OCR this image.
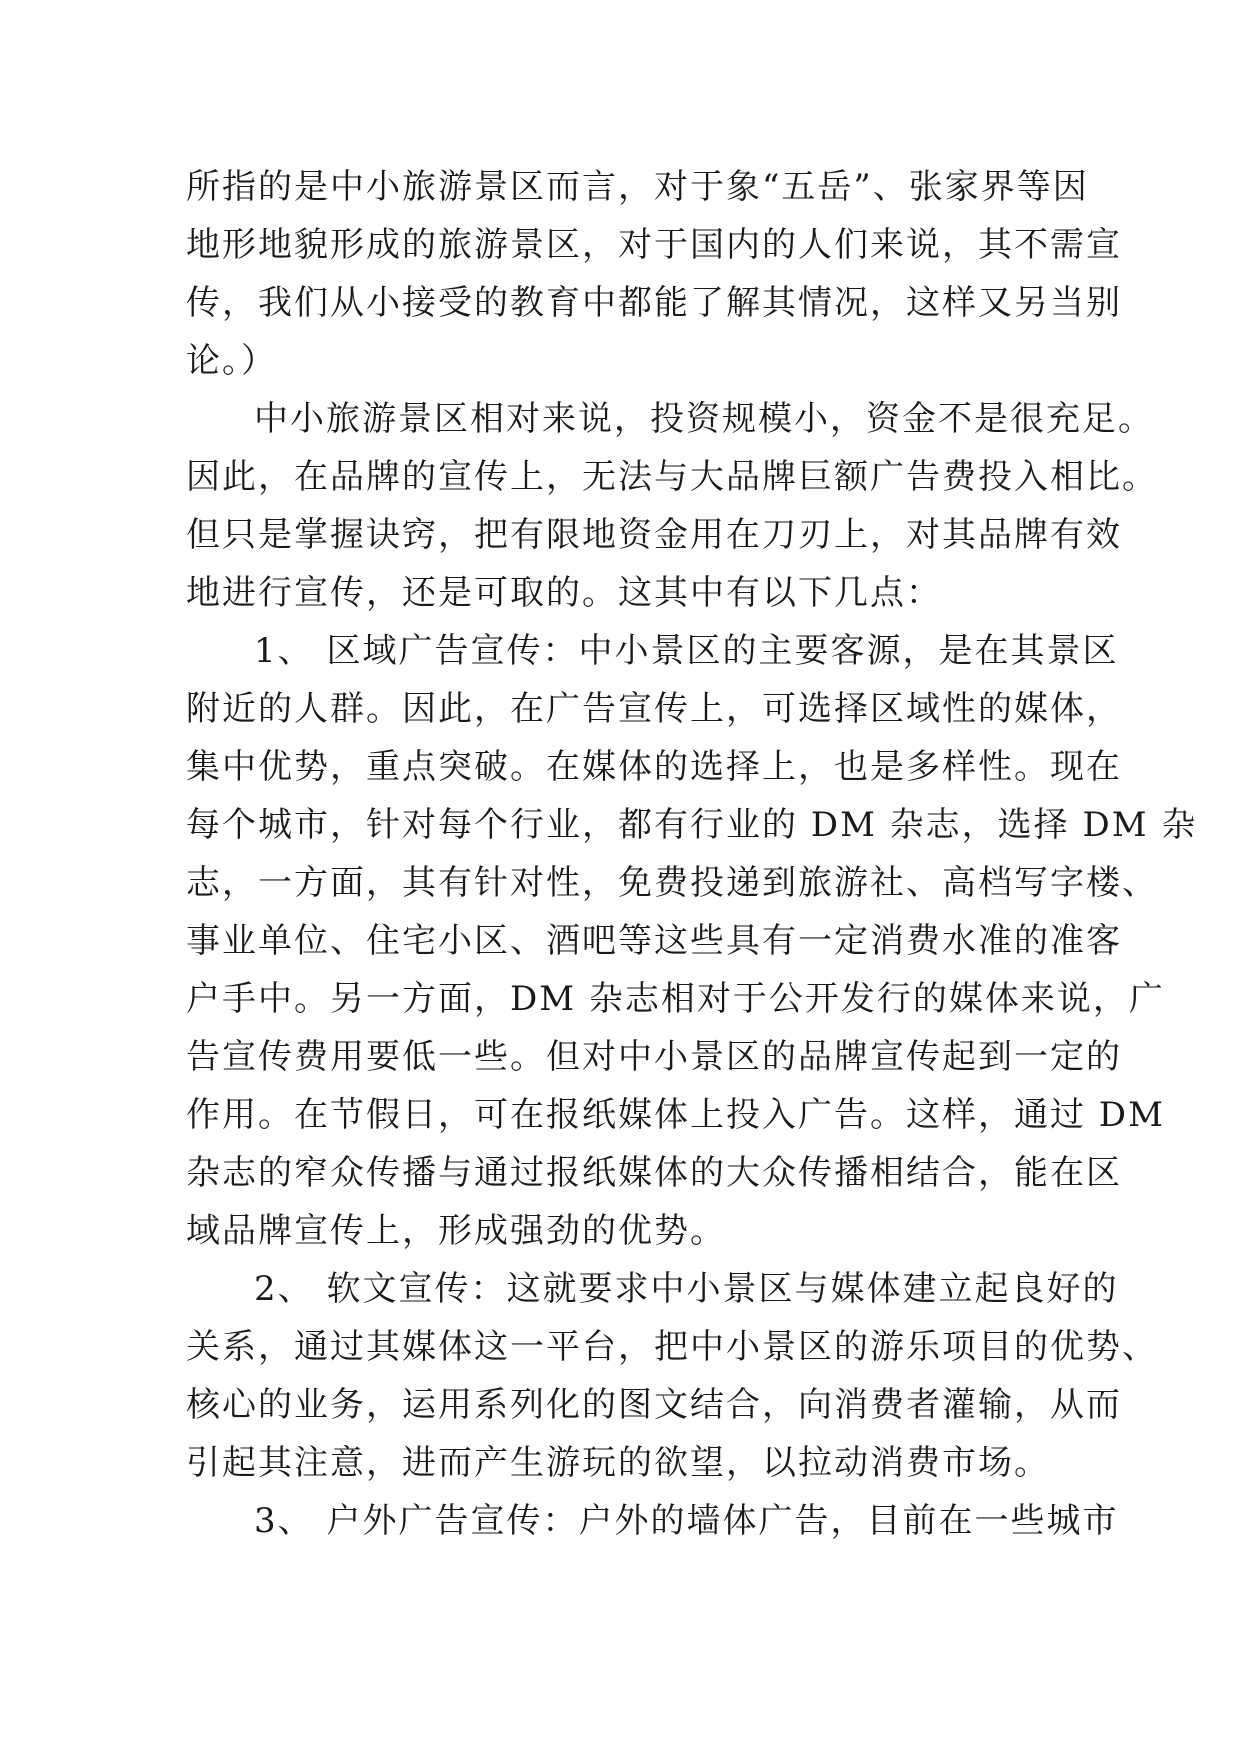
所指的是中小旅游景区而言，对于象“五岳”、张家界等因
地形地貌形成的旅游景区，对于国内的人们来说，其不需宣
传，我们从小接受的教育中都能了解其情况，这样又另当别
论。）
中小旅游景区相对来说，投资规模小，资金不是很充足。
因此，在品牌的宣传上，无法与大品牌巨额广告费投入相比。
但只是掌握诀窍，把有限地资金用在刀刃上，对其品牌有效
地进行宣传，还是可取的。这其中有以下几点：
1、 区域广告宣传：中小景区的主要客源，是在其景区
附近的人群。因此，在广告宣传上，可选择区域性的媒体，
集中优势，重点突破。在媒体的选择上，也是多样性。现在
每个城市，针对每个行业，都有行业的 DM 杂志，选择 DM 杂
志，一方面，其有针对性，免费投递到旅游社、高档写字楼、
事业单位、住宅小区、酒吧等这些具有一定消费水准的准客
户手中。另一方面，DM 杂志相对于公开发行的媒体来说，广
告宣传费用要低一些。但对中小景区的品牌宣传起到一定的
作用。在节假日，可在报纸媒体上投入广告。这样，通过 DM
杂志的窄众传播与通过报纸媒体的大众传播相结合，能在区
域品牌宣传上，形成强劲的优势。
2、 软文宣传：这就要求中小景区与媒体建立起良好的
关系，通过其媒体这一平台，把中小景区的游乐项目的优势、
核心的业务，运用系列化的图文结合，向消费者灌输，从而
引起其注意，进而产生游玩的欲望，以拉动消费市场。
3、 户外广告宣传：户外的墙体广告，目前在一些城市
